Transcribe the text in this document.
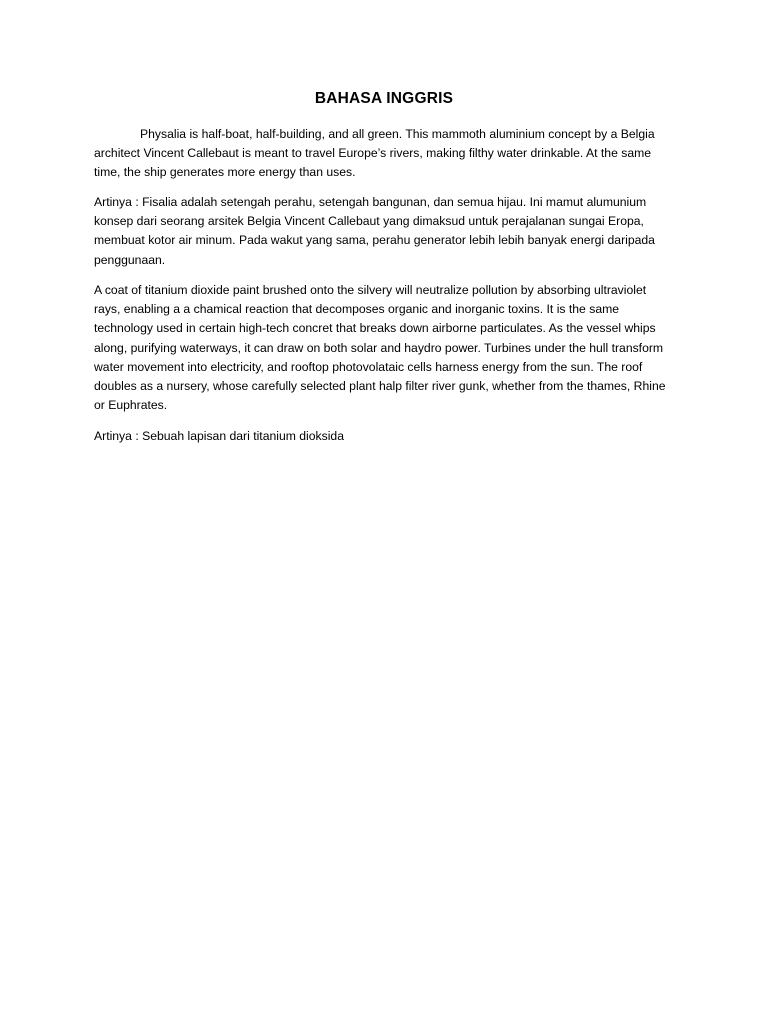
BAHASA INGGRIS

Physalia is half-boat, half-building, and all green. This mammoth aluminium concept by a Belgia architect Vincent Callebaut is meant to travel Europe’s rivers, making filthy water drinkable. At the same time, the ship generates more energy than uses.

Artinya : Fisalia adalah setengah perahu, setengah bangunan, dan semua hijau. Ini mamut alumunium konsep dari seorang arsitek Belgia Vincent Callebaut yang dimaksud untuk perajalanan sungai Eropa, membuat kotor air minum. Pada wakut yang sama, perahu generator lebih lebih banyak energi daripada penggunaan.

A coat of titanium dioxide paint brushed onto the silvery will neutralize pollution by absorbing ultraviolet rays, enabling a a chamical reaction that decomposes organic and inorganic toxins. It is the same technology used in certain high-tech concret that breaks down airborne particulates. As the vessel whips along, purifying waterways, it can draw on both solar and haydro power. Turbines under the hull transform water movement into electricity, and rooftop photovolataic cells harness energy from the sun. The roof doubles as a nursery, whose carefully selected plant halp filter river gunk, whether from the thames, Rhine or Euphrates.

Artinya : Sebuah lapisan dari titanium dioksida
